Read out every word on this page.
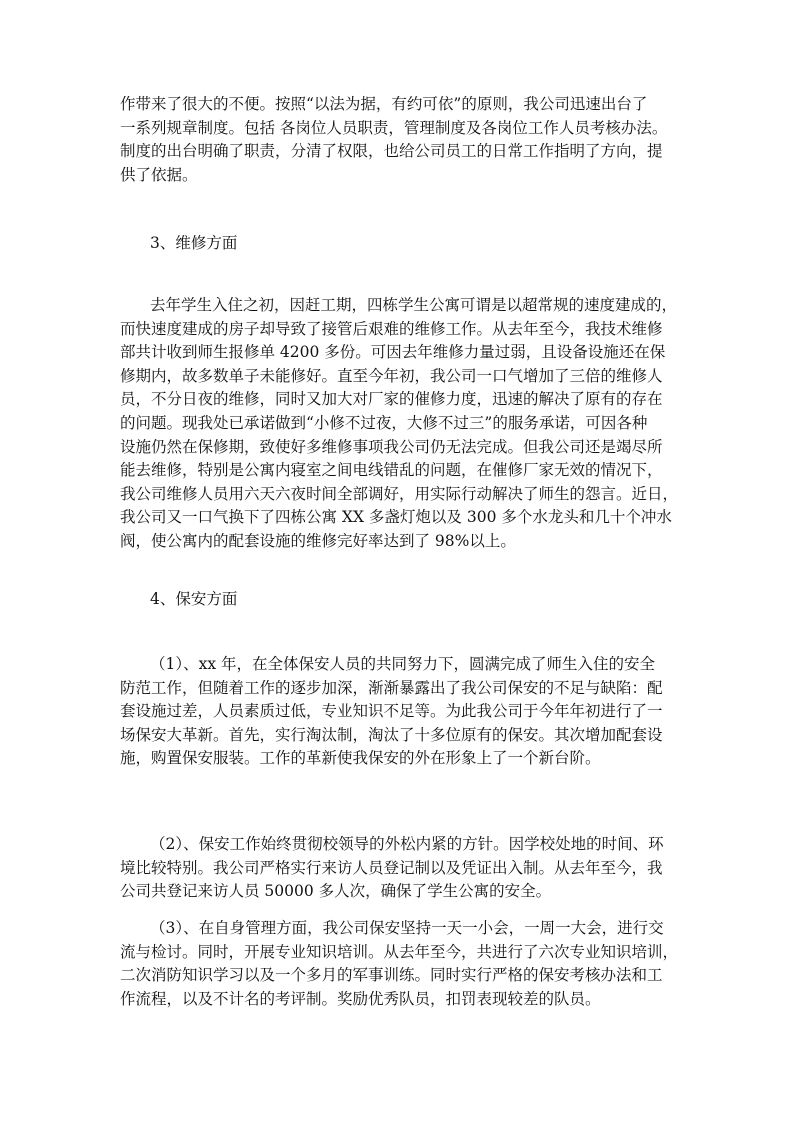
作带来了很大的不便。按照“以法为据，有约可依”的原则，我公司迅速出台了
一系列规章制度。包括 各岗位人员职责，管理制度及各岗位工作人员考核办法。
制度的出台明确了职责，分清了权限，也给公司员工的日常工作指明了方向，提
供了依据。
3、维修方面
去年学生入住之初，因赶工期，四栋学生公寓可谓是以超常规的速度建成的，
而快速度建成的房子却导致了接管后艰难的维修工作。从去年至今，我技术维修
部共计收到师生报修单 4200 多份。可因去年维修力量过弱，且设备设施还在保
修期内，故多数单子未能修好。直至今年初，我公司一口气增加了三倍的维修人
员，不分日夜的维修，同时又加大对厂家的催修力度，迅速的解决了原有的存在
的问题。现我处已承诺做到“小修不过夜，大修不过三”的服务承诺，可因各种
设施仍然在保修期，致使好多维修事项我公司仍无法完成。但我公司还是竭尽所
能去维修，特别是公寓内寝室之间电线错乱的问题，在催修厂家无效的情况下，
我公司维修人员用六天六夜时间全部调好，用实际行动解决了师生的怨言。近日，
我公司又一口气换下了四栋公寓 XX 多盏灯炮以及 300 多个水龙头和几十个冲水
阀，使公寓内的配套设施的维修完好率达到了 98%以上。
4、保安方面
（1）、xx 年，在全体保安人员的共同努力下，圆满完成了师生入住的安全
防范工作，但随着工作的逐步加深，渐渐暴露出了我公司保安的不足与缺陷：配
套设施过差，人员素质过低，专业知识不足等。为此我公司于今年年初进行了一
场保安大革新。首先，实行淘汰制，淘汰了十多位原有的保安。其次增加配套设
施，购置保安服装。工作的革新使我保安的外在形象上了一个新台阶。
（2）、保安工作始终贯彻校领导的外松内紧的方针。因学校处地的时间、环
境比较特别。我公司严格实行来访人员登记制以及凭证出入制。从去年至今，我
公司共登记来访人员 50000 多人次，确保了学生公寓的安全。
（3）、在自身管理方面，我公司保安坚持一天一小会，一周一大会，进行交
流与检讨。同时，开展专业知识培训。从去年至今，共进行了六次专业知识培训，
二次消防知识学习以及一个多月的军事训练。同时实行严格的保安考核办法和工
作流程，以及不计名的考评制。奖励优秀队员，扣罚表现较差的队员。
